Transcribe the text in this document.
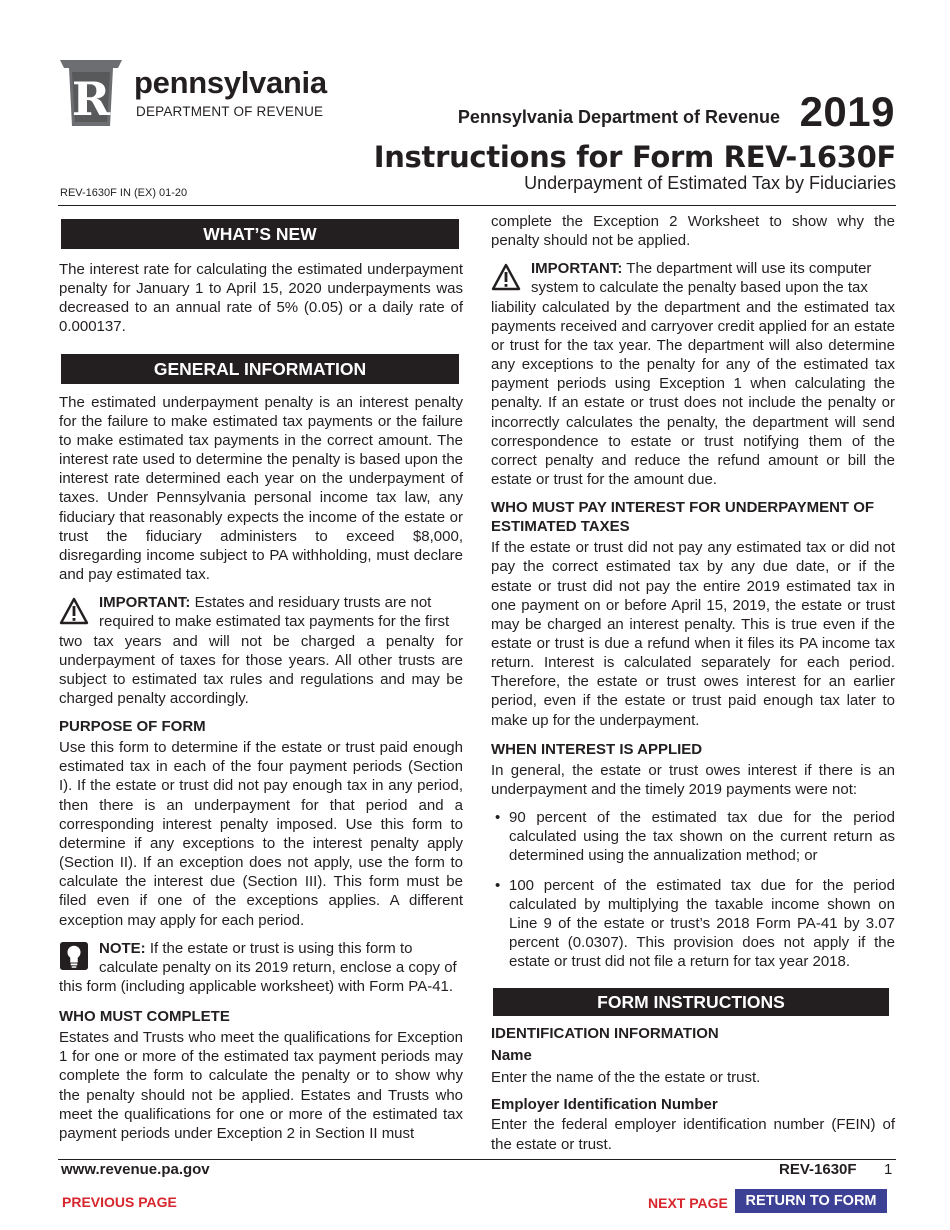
R pennsylvania
DEPARTMENT OF REVENUE	Pennsylvania Department of Revenue 2019
Instructions for Form REV-1630F
Underpayment of Estimated Tax by Fiduciaries
REV-1630F IN (EX) 01-20
WHAT’S NEW

The interest rate for calculating the estimated underpayment penalty for January 1 to April 15, 2020 underpayments was decreased to an annual rate of 5% (0.05) or a daily rate of 0.000137.

GENERAL INFORMATION

The estimated underpayment penalty is an interest penalty for the failure to make estimated tax payments or the failure to make estimated tax payments in the correct amount. The interest rate used to determine the penalty is based upon the interest rate determined each year on the underpayment of taxes. Under Pennsylvania personal income tax law, any fiduciary that reasonably expects the income of the estate or trust the fiduciary administers to exceed $8,000, disregarding income subject to PA withholding, must declare and pay estimated tax.

IMPORTANT: Estates and residuary trusts are not

required to make estimated tax payments for the first

two tax years and will not be charged a penalty for underpayment of taxes for those years. All other trusts are subject to estimated tax rules and regulations and may be charged penalty accordingly.

PURPOSE OF FORM

Use this form to determine if the estate or trust paid enough estimated tax in each of the four payment periods (Section I). If the estate or trust did not pay enough tax in any period, then there is an underpayment for that period and a corresponding interest penalty imposed. Use this form to determine if any exceptions to the interest penalty apply (Section II). If an exception does not apply, use the form to calculate the interest due (Section III). This form must be filed even if one of the exceptions applies. A different exception may apply for each period.

NOTE: If the estate or trust is using this form to

calculate penalty on its 2019 return, enclose a copy of

this form (including applicable worksheet) with Form PA-41.

WHO MUST COMPLETE

Estates and Trusts who meet the qualifications for Exception 1 for one or more of the estimated tax payment periods may complete the form to calculate the penalty or to show why the penalty should not be applied. Estates and Trusts who meet the qualifications for one or more of the estimated tax payment periods under Exception 2 in Section II must

complete the Exception 2 Worksheet to show why the penalty should not be applied.

IMPORTANT: The department will use its computer

system to calculate the penalty based upon the tax

liability calculated by the department and the estimated tax payments received and carryover credit applied for an estate or trust for the tax year. The department will also determine any exceptions to the penalty for any of the estimated tax payment periods using Exception 1 when calculating the penalty. If an estate or trust does not include the penalty or incorrectly calculates the penalty, the department will send correspondence to estate or trust notifying them of the correct penalty and reduce the refund amount or bill the estate or trust for the amount due.

WHO MUST PAY INTEREST FOR UNDERPAYMENT OF ESTIMATED TAXES

If the estate or trust did not pay any estimated tax or did not pay the correct estimated tax by any due date, or if the estate or trust did not pay the entire 2019 estimated tax in one payment on or before April 15, 2019, the estate or trust may be charged an interest penalty. This is true even if the estate or trust is due a refund when it files its PA income tax return. Interest is calculated separately for each period. Therefore, the estate or trust owes interest for an earlier period, even if the estate or trust paid enough tax later to make up for the underpayment.

WHEN INTEREST IS APPLIED

In general, the estate or trust owes interest if there is an underpayment and the timely 2019 payments were not:

• 90 percent of the estimated tax due for the period calculated using the tax shown on the current return as determined using the annualization method; or
• 100 percent of the estimated tax due for the period calculated by multiplying the taxable income shown on Line 9 of the estate or trust’s 2018 Form PA-41 by 3.07 percent (0.0307). This provision does not apply if the estate or trust did not file a return for tax year 2018.
FORM INSTRUCTIONS
IDENTIFICATION INFORMATION
Name

Enter the name of the the estate or trust.

Employer Identification Number

Enter the federal employer identification number (FEIN) of the estate or trust.

www.revenue.pa.gov	REV-1630F 1
PREVIOUS PAGE	NEXT PAGE	RETURN TO FORM
